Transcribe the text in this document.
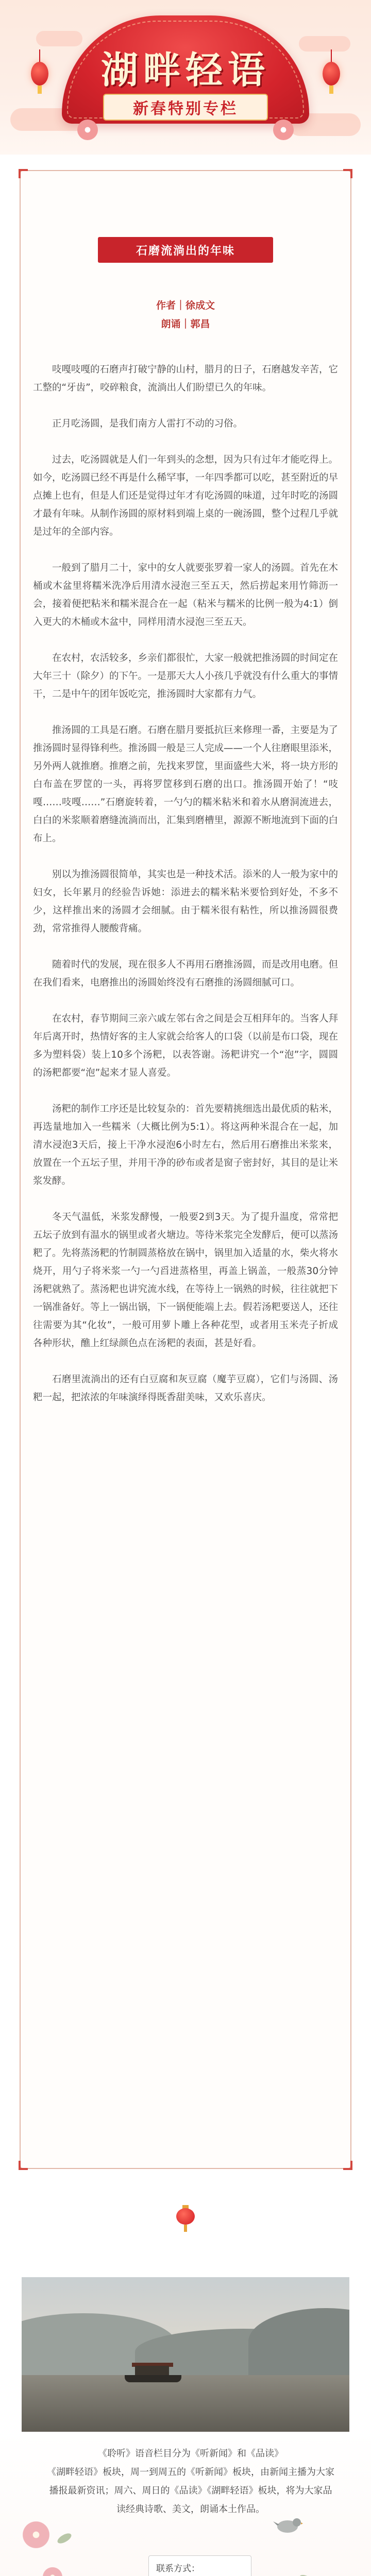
湖畔轻语
新春特别专栏
石磨流淌出的年味
作者｜徐成文
朗诵｜郭昌

吱嘎吱嘎的石磨声打破宁静的山村，腊月的日子，石磨越发辛苦，它工整的“牙齿”，咬碎粮食，流淌出人们盼望已久的年味。

正月吃汤圆，是我们南方人雷打不动的习俗。

过去，吃汤圆就是人们一年到头的念想，因为只有过年才能吃得上。如今，吃汤圆已经不再是什么稀罕事，一年四季都可以吃，甚至附近的早点摊上也有，但是人们还是觉得过年才有吃汤圆的味道，过年时吃的汤圆才最有年味。从制作汤圆的原材料到端上桌的一碗汤圆，整个过程几乎就是过年的全部内容。

一般到了腊月二十，家中的女人就要张罗着一家人的汤圆。首先在木桶或木盆里将糯米洗净后用清水浸泡三至五天，然后捞起来用竹筛沥一会，接着便把粘米和糯米混合在一起（粘米与糯米的比例一般为4:1）倒入更大的木桶或木盆中，同样用清水浸泡三至五天。

在农村，农活较多，乡亲们都很忙，大家一般就把推汤圆的时间定在大年三十（除夕）的下午。一是那天大人小孩几乎就没有什么重大的事情干，二是中午的团年饭吃完，推汤圆时大家都有力气。

推汤圆的工具是石磨。石磨在腊月要抵抗巨来修理一番，主要是为了推汤圆时显得锋利些。推汤圆一般是三人完成——一个人往磨眼里添米，另外两人就推磨。推磨之前，先找来罗筐，里面盛些大米，将一块方形的白布盖在罗筐的一头，再将罗筐移到石磨的出口。推汤圆开始了！“吱嘎……吱嘎……”石磨旋转着，一勺勺的糯米粘米和着水从磨洞流进去，白白的米浆顺着磨缝流淌而出，汇集到磨槽里，源源不断地流到下面的白布上。

别以为推汤圆很简单，其实也是一种技术活。添米的人一般为家中的妇女，长年累月的经验告诉她：添进去的糯米粘米要恰到好处，不多不少，这样推出来的汤圆才会细腻。由于糯米很有粘性，所以推汤圆很费劲，常常推得人腰酸背痛。

随着时代的发展，现在很多人不再用石磨推汤圆，而是改用电磨。但在我们看来，电磨推出的汤圆始终没有石磨推的汤圆细腻可口。

在农村，春节期间三亲六戚左邻右舍之间是会互相拜年的。当客人拜年后离开时，热情好客的主人家就会给客人的口袋（以前是布口袋，现在多为塑料袋）装上10多个汤粑，以表答谢。汤粑讲究一个“泡”字，圆圆的汤粑都要“泡”起来才显人喜爱。

汤粑的制作工序还是比较复杂的：首先要精挑细选出最优质的粘米，再选量地加入一些糯米（大概比例为5:1）。将这两种米混合在一起，加清水浸泡3天后，接上干净水浸泡6小时左右，然后用石磨推出米浆来，放置在一个五坛子里，并用干净的砂布或者是窗子密封好，其目的是让米浆发酵。

冬天气温低，米浆发酵慢，一般要2到3天。为了提升温度，常常把五坛子放到有温水的锅里或者火塘边。等待米浆完全发酵后，便可以蒸汤粑了。先将蒸汤粑的竹制圆蒸格放在锅中，锅里加入适量的水，柴火将水烧开，用勺子将米浆一勺一勺舀进蒸格里，再盖上锅盖，一般蒸30分钟汤粑就熟了。蒸汤粑也讲究流水线，在等待上一锅熟的时候，往往就把下一锅准备好。等上一锅出锅，下一锅便能端上去。假若汤粑要送人，还往往需要为其“化妆”，一般可用萝卜雕上各种花型，或者用玉米壳子折成各种形状，醮上红绿颜色点在汤粑的表面，甚是好看。

石磨里流淌出的还有白豆腐和灰豆腐（魔芋豆腐），它们与汤圆、汤粑一起，把浓浓的年味演绎得既香甜美味，又欢乐喜庆。

《聆听》语音栏目分为《听新闻》和《品读》
《湖畔轻语》板块，周一到周五的《听新闻》板块，由新闻主播为大家播报最新资讯；周六、周日的《品读》《湖畔轻语》板块，将为大家品读经典诗歌、美文，朗诵本土作品。
联系方式：
